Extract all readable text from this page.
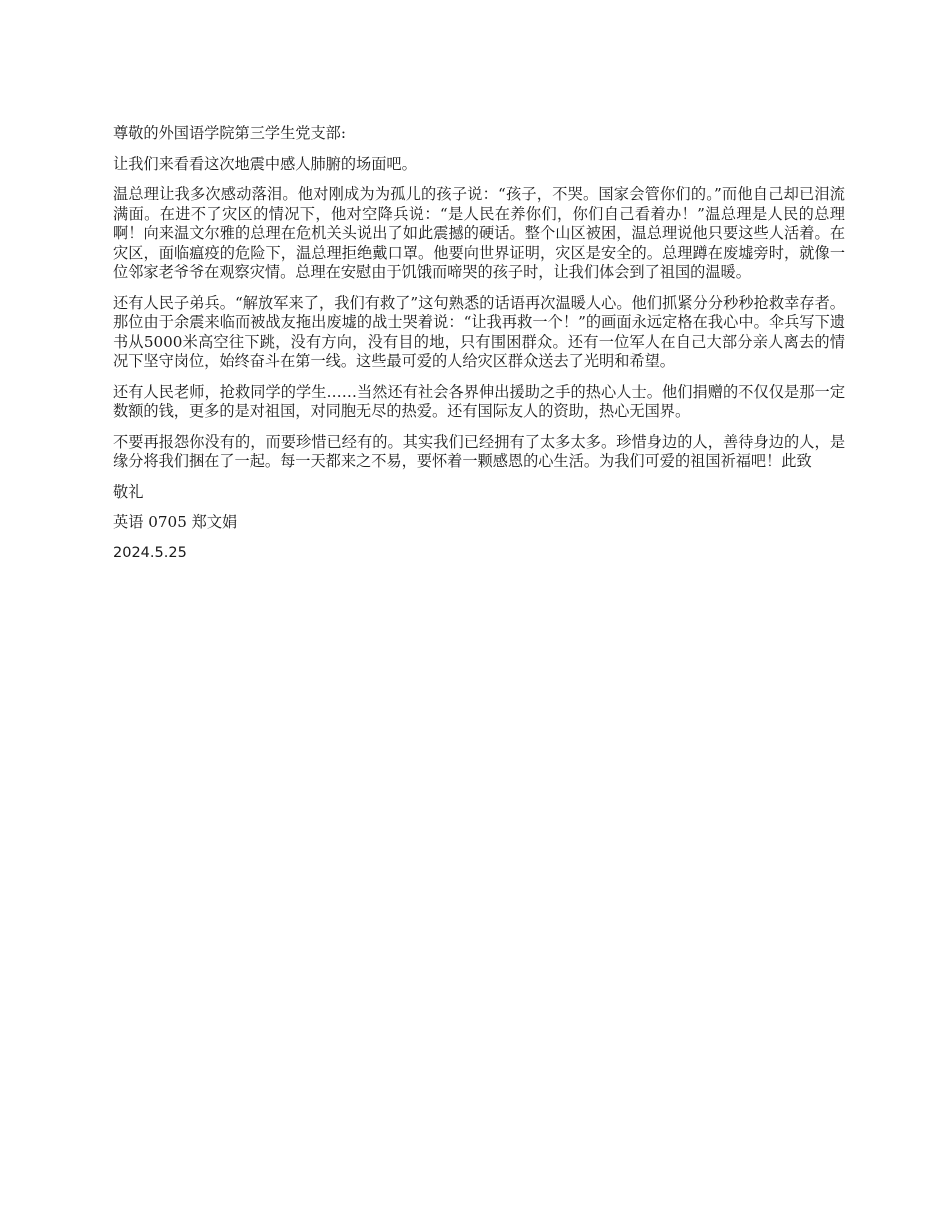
尊敬的外国语学院第三学生党支部:

让我们来看看这次地震中感人肺腑的场面吧。

温总理让我多次感动落泪。他对刚成为为孤儿的孩子说：“孩子，不哭。国家会管你们的。”而他自己却已泪流满面。在进不了灾区的情况下，他对空降兵说：“是人民在养你们，你们自己看着办！”温总理是人民的总理啊！向来温文尔雅的总理在危机关头说出了如此震撼的硬话。整个山区被困，温总理说他只要这些人活着。在灾区，面临瘟疫的危险下，温总理拒绝戴口罩。他要向世界证明，灾区是安全的。总理蹲在废墟旁时，就像一位邻家老爷爷在观察灾情。总理在安慰由于饥饿而啼哭的孩子时，让我们体会到了祖国的温暖。

还有人民子弟兵。“解放军来了，我们有救了”这句熟悉的话语再次温暖人心。他们抓紧分分秒秒抢救幸存者。那位由于余震来临而被战友拖出废墟的战士哭着说：“让我再救一个！”的画面永远定格在我心中。伞兵写下遗书从5000米高空往下跳，没有方向，没有目的地，只有围困群众。还有一位军人在自己大部分亲人离去的情况下坚守岗位，始终奋斗在第一线。这些最可爱的人给灾区群众送去了光明和希望。

还有人民老师，抢救同学的学生……当然还有社会各界伸出援助之手的热心人士。他们捐赠的不仅仅是那一定数额的钱，更多的是对祖国，对同胞无尽的热爱。还有国际友人的资助，热心无国界。

不要再报怨你没有的，而要珍惜已经有的。其实我们已经拥有了太多太多。珍惜身边的人，善待身边的人，是缘分将我们捆在了一起。每一天都来之不易，要怀着一颗感恩的心生活。为我们可爱的祖国祈福吧！此致

敬礼

英语 0705 郑文娟

2024.5.25
